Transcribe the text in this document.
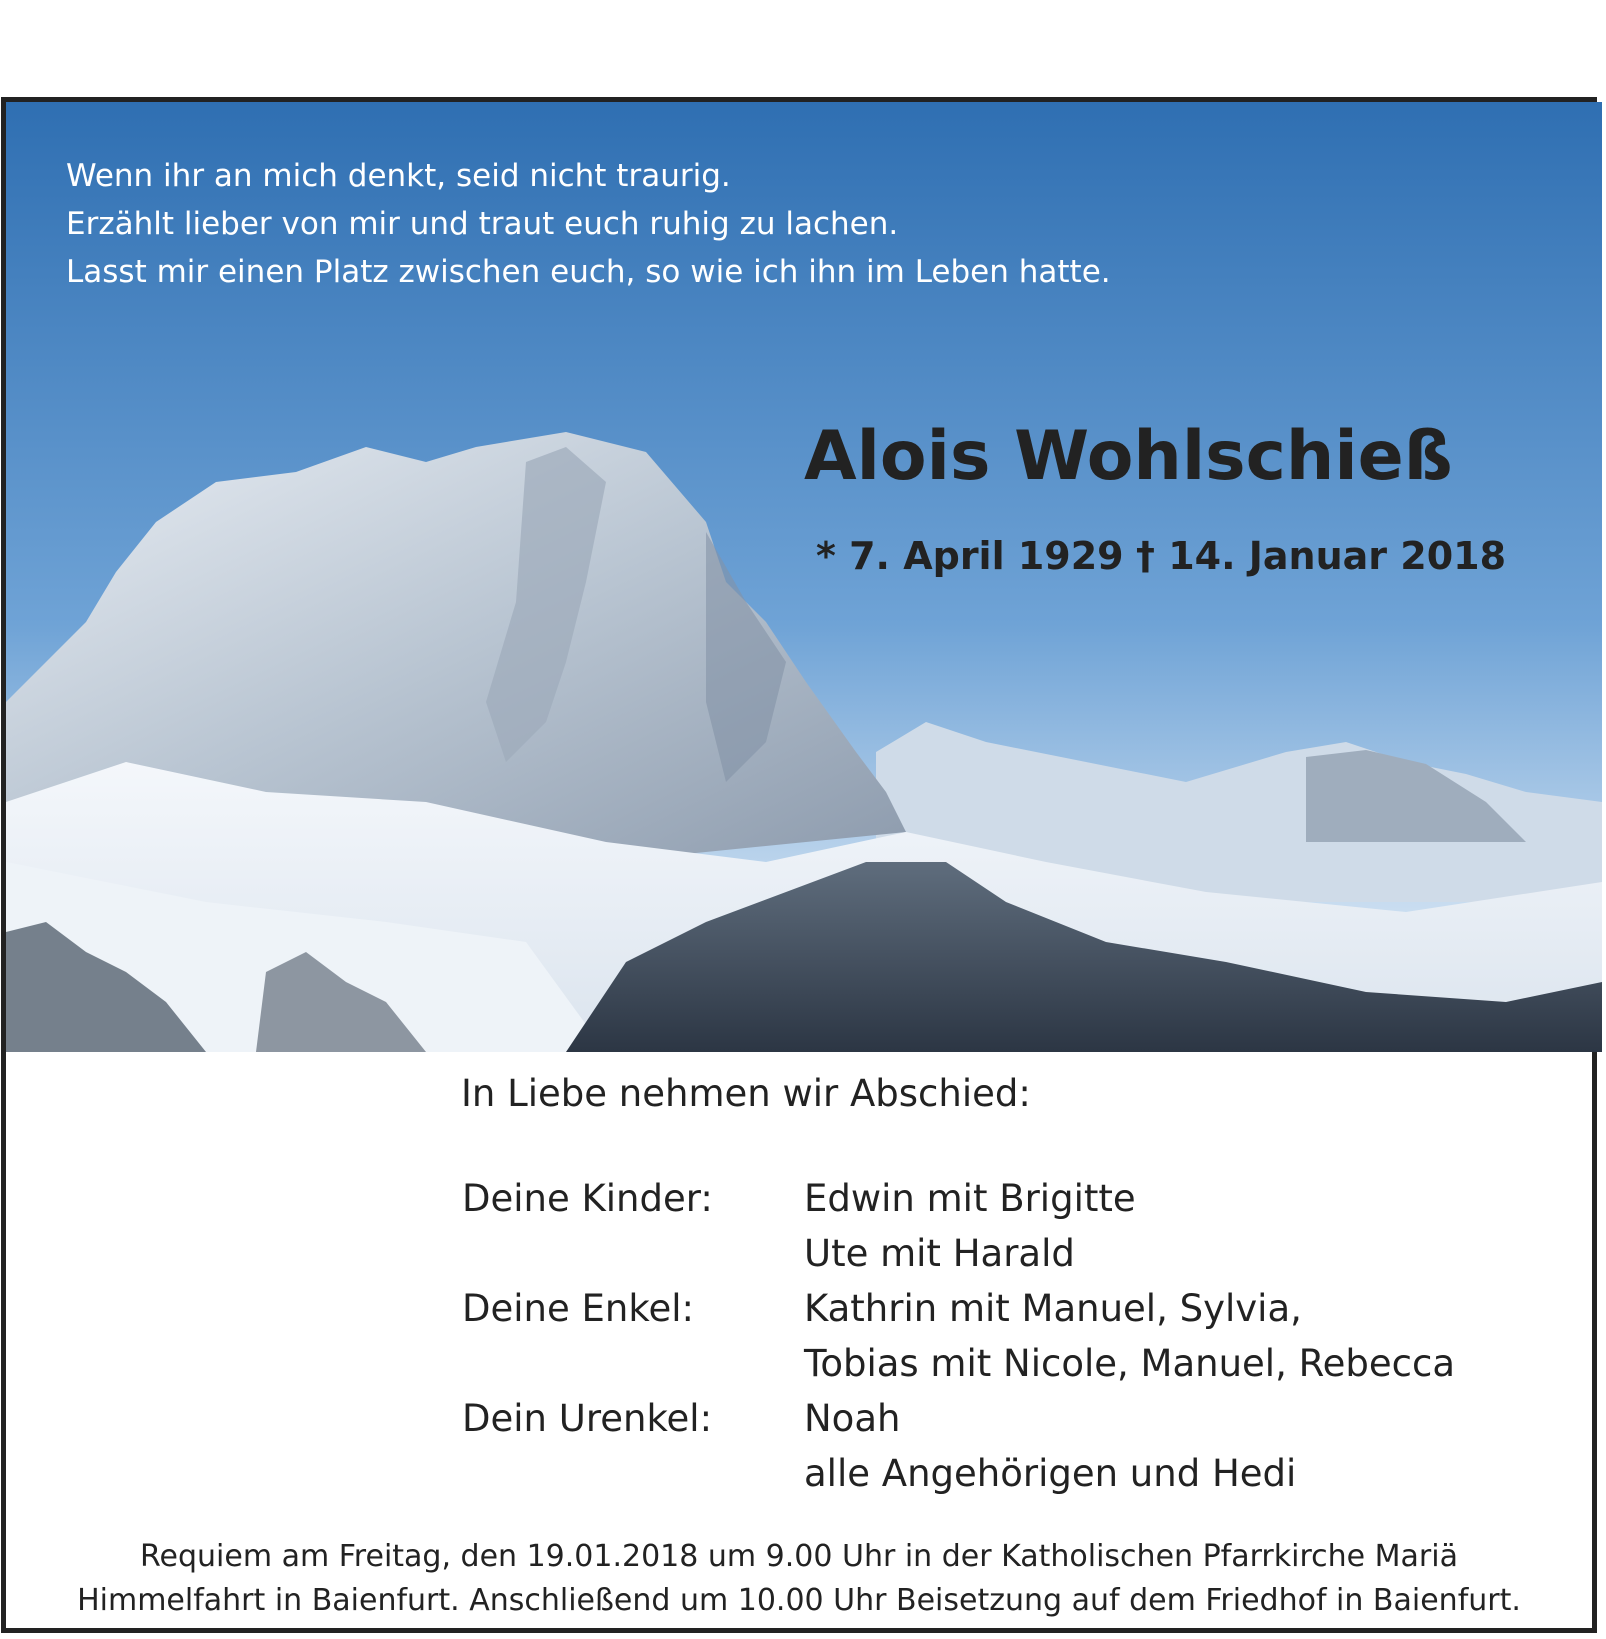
Wenn ihr an mich denkt, seid nicht traurig.
Erzählt lieber von mir und traut euch ruhig zu lachen.
Lasst mir einen Platz zwischen euch, so wie ich ihn im Leben hatte.
Alois Wohlschieß
* 7. April 1929 † 14. Januar 2018
In Liebe nehmen wir Abschied:
Deine Kinder: Edwin mit Brigitte
Ute mit Harald
Deine Enkel:	Kathrin mit Manuel, Sylvia,
Tobias mit Nicole, Manuel, Rebecca
Dein Urenkel: Noah
alle Angehörigen und Hedi
Requiem am Freitag, den 19.01.2018 um 9.00 Uhr in der Katholischen Pfarrkirche Mariä
Himmelfahrt in Baienfurt. Anschließend um 10.00 Uhr Beisetzung auf dem Friedhof in Baienfurt.
